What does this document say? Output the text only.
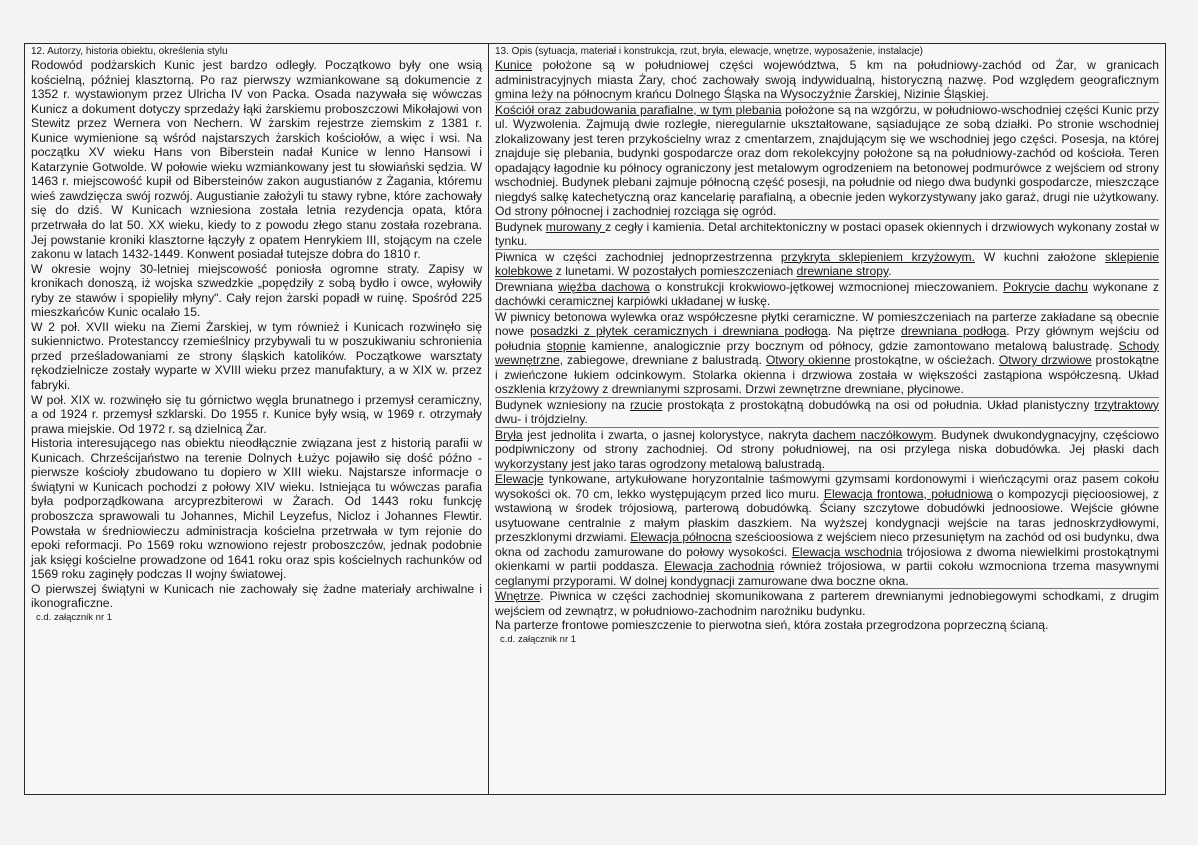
12. Autorzy, historia obiektu, określenia stylu

Rodowód podżarskich Kunic jest bardzo odległy. Początkowo były one wsią kościelną, później klasztorną. Po raz pierwszy wzmiankowane są dokumencie z 1352 r. wystawionym przez Ulricha IV von Packa. Osada nazywała się wówczas Kunicz a dokument dotyczy sprzedaży łąki żarskiemu proboszczowi Mikołajowi von Stewitz przez Wernera von Nechern. W żarskim rejestrze ziemskim z 1381 r. Kunice wymienione są wśród najstarszych żarskich kościołów, a więc i wsi. Na początku XV wieku Hans von Biberstein nadał Kunice w lenno Hansowi i Katarzynie Gotwolde. W połowie wieku wzmiankowany jest tu słowiański sędzia. W 1463 r. miejscowość kupił od Bibersteinów zakon augustianów z Żagania, któremu wieś zawdzięcza swój rozwój. Augustianie założyli tu stawy rybne, które zachowały się do dziś. W Kunicach wzniesiona została letnia rezydencja opata, która przetrwała do lat 50. XX wieku, kiedy to z powodu złego stanu została rozebrana. Jej powstanie kroniki klasztorne łączyły z opatem Henrykiem III, stojącym na czele zakonu w latach 1432-1449. Konwent posiadał tutejsze dobra do 1810 r.

W okresie wojny 30-letniej miejscowość poniosła ogromne straty. Zapisy w kronikach donoszą, iż wojska szwedzkie „popędziły z sobą bydło i owce, wyłowiły ryby ze stawów i spopieliły młyny". Cały rejon żarski popadł w ruinę. Spośród 225 mieszkańców Kunic ocalało 15.

W 2 poł. XVII wieku na Ziemi Żarskiej, w tym również i Kunicach rozwinęło się sukiennictwo. Protestanccy rzemieślnicy przybywali tu w poszukiwaniu schronienia przed prześladowaniami ze strony śląskich katolików. Początkowe warsztaty rękodzielnicze zostały wyparte w XVIII wieku przez manufaktury, a w XIX w. przez fabryki.

W poł. XIX w. rozwinęło się tu górnictwo węgla brunatnego i przemysł ceramiczny, a od 1924 r. przemysł szklarski. Do 1955 r. Kunice były wsią, w 1969 r. otrzymały prawa miejskie. Od 1972 r. są dzielnicą Żar.

Historia interesującego nas obiektu nieodłącznie związana jest z historią parafii w Kunicach. Chrześcijaństwo na terenie Dolnych Łużyc pojawiło się dość późno -pierwsze kościoły zbudowano tu dopiero w XIII wieku. Najstarsze informacje o świątyni w Kunicach pochodzi z połowy XIV wieku. Istniejąca tu wówczas parafia była podporządkowana arcyprezbiterowi w Żarach. Od 1443 roku funkcję proboszcza sprawowali tu Johannes, Michil Leyzefus, Nicloz i Johannes Flewtir. Powstała w średniowieczu administracja kościelna przetrwała w tym rejonie do epoki reformacji. Po 1569 roku wznowiono rejestr proboszczów, jednak podobnie jak księgi kościelne prowadzone od 1641 roku oraz spis kościelnych rachunków od 1569 roku zaginęły podczas II wojny światowej.

O pierwszej świątyni w Kunicach nie zachowały się żadne materiały archiwalne i ikonograficzne.

c.d. załącznik nr 1
13. Opis (sytuacja, materiał i konstrukcja, rzut, bryła, elewacje, wnętrze, wyposażenie, instalacje)

Kunice położone są w południowej części województwa, 5 km na południowy-zachód od Żar, w granicach administracyjnych miasta Żary, choć zachowały swoją indywidualną, historyczną nazwę. Pod względem geograficznym gmina leży na północnym krańcu Dolnego Śląska na Wysoczyźnie Żarskiej, Nizinie Śląskiej.

Kościół oraz zabudowania parafialne, w tym plebania położone są na wzgórzu, w południowo-wschodniej części Kunic przy ul. Wyzwolenia. Zajmują dwie rozległe, nieregularnie ukształtowane, sąsiadujące ze sobą działki. Po stronie wschodniej zlokalizowany jest teren przykościelny wraz z cmentarzem, znajdującym się we wschodniej jego części. Posesja, na której znajduje się plebania, budynki gospodarcze oraz dom rekolekcyjny położone są na południowy-zachód od kościoła. Teren opadający łagodnie ku północy ograniczony jest metalowym ogrodzeniem na betonowej podmurówce z wejściem od strony wschodniej. Budynek plebani zajmuje północną część posesji, na południe od niego dwa budynki gospodarcze, mieszczące niegdyś salkę katechetyczną oraz kancelarię parafialną, a obecnie jeden wykorzystywany jako garaż, drugi nie użytkowany. Od strony północnej i zachodniej rozciąga się ogród.

Budynek murowany z cegły i kamienia. Detal architektoniczny w postaci opasek okiennych i drzwiowych wykonany został w tynku.

Piwnica w części zachodniej jednoprzestrzenna przykryta sklepieniem krzyżowym. W kuchni założone sklepienie kolebkowe z lunetami. W pozostałych pomieszczeniach drewniane stropy.

Drewniana więźba dachowa o konstrukcji krokwiowo-jętkowej wzmocnionej mieczowaniem. Pokrycie dachu wykonane z dachówki ceramicznej karpiówki układanej w łuskę.

W piwnicy betonowa wylewka oraz współczesne płytki ceramiczne. W pomieszczeniach na parterze zakładane są obecnie nowe posadzki z płytek ceramicznych i drewniana podłoga. Na piętrze drewniana podłoga. Przy głównym wejściu od południa stopnie kamienne, analogicznie przy bocznym od północy, gdzie zamontowano metalową balustradę. Schody wewnętrzne, zabiegowe, drewniane z balustradą. Otwory okienne prostokątne, w ościeżach. Otwory drzwiowe prostokątne i zwieńczone łukiem odcinkowym. Stolarka okienna i drzwiowa została w większości zastąpiona współczesną. Układ oszklenia krzyżowy z drewnianymi szprosami. Drzwi zewnętrzne drewniane, płycinowe.

Budynek wzniesiony na rzucie prostokąta z prostokątną dobudówką na osi od południa. Układ planistyczny trzytraktowy dwu- i trójdzielny.

Bryła jest jednolita i zwarta, o jasnej kolorystyce, nakryta dachem naczółkowym. Budynek dwukondygnacyjny, częściowo podpiwniczony od strony zachodniej. Od strony południowej, na osi przylega niska dobudówka. Jej płaski dach wykorzystany jest jako taras ogrodzony metalową balustradą.

Elewacje tynkowane, artykułowane horyzontalnie taśmowymi gzymsami kordonowymi i wieńczącymi oraz pasem cokołu wysokości ok. 70 cm, lekko występującym przed lico muru. Elewacja frontowa, południowa o kompozycji pięcioosiowej, z wstawioną w środek trójosiową, parterową dobudówką. Ściany szczytowe dobudówki jednoosiowe. Wejście główne usytuowane centralnie z małym płaskim daszkiem. Na wyższej kondygnacji wejście na taras jednoskrzydłowymi, przeszklonymi drzwiami. Elewacja północna sześcioosiowa z wejściem nieco przesuniętym na zachód od osi budynku, dwa okna od zachodu zamurowane do połowy wysokości. Elewacja wschodnia trójosiowa z dwoma niewielkimi prostokątnymi okienkami w partii poddasza. Elewacja zachodnia również trójosiowa, w partii cokołu wzmocniona trzema masywnymi ceglanymi przyporami. W dolnej kondygnacji zamurowane dwa boczne okna.

Wnętrze. Piwnica w części zachodniej skomunikowana z parterem drewnianymi jednobiegowymi schodkami, z drugim wejściem od zewnątrz, w południowo-zachodnim narożniku budynku.

Na parterze frontowe pomieszczenie to pierwotna sień, która została przegrodzona poprzeczną ścianą.

c.d. załącznik nr 1
